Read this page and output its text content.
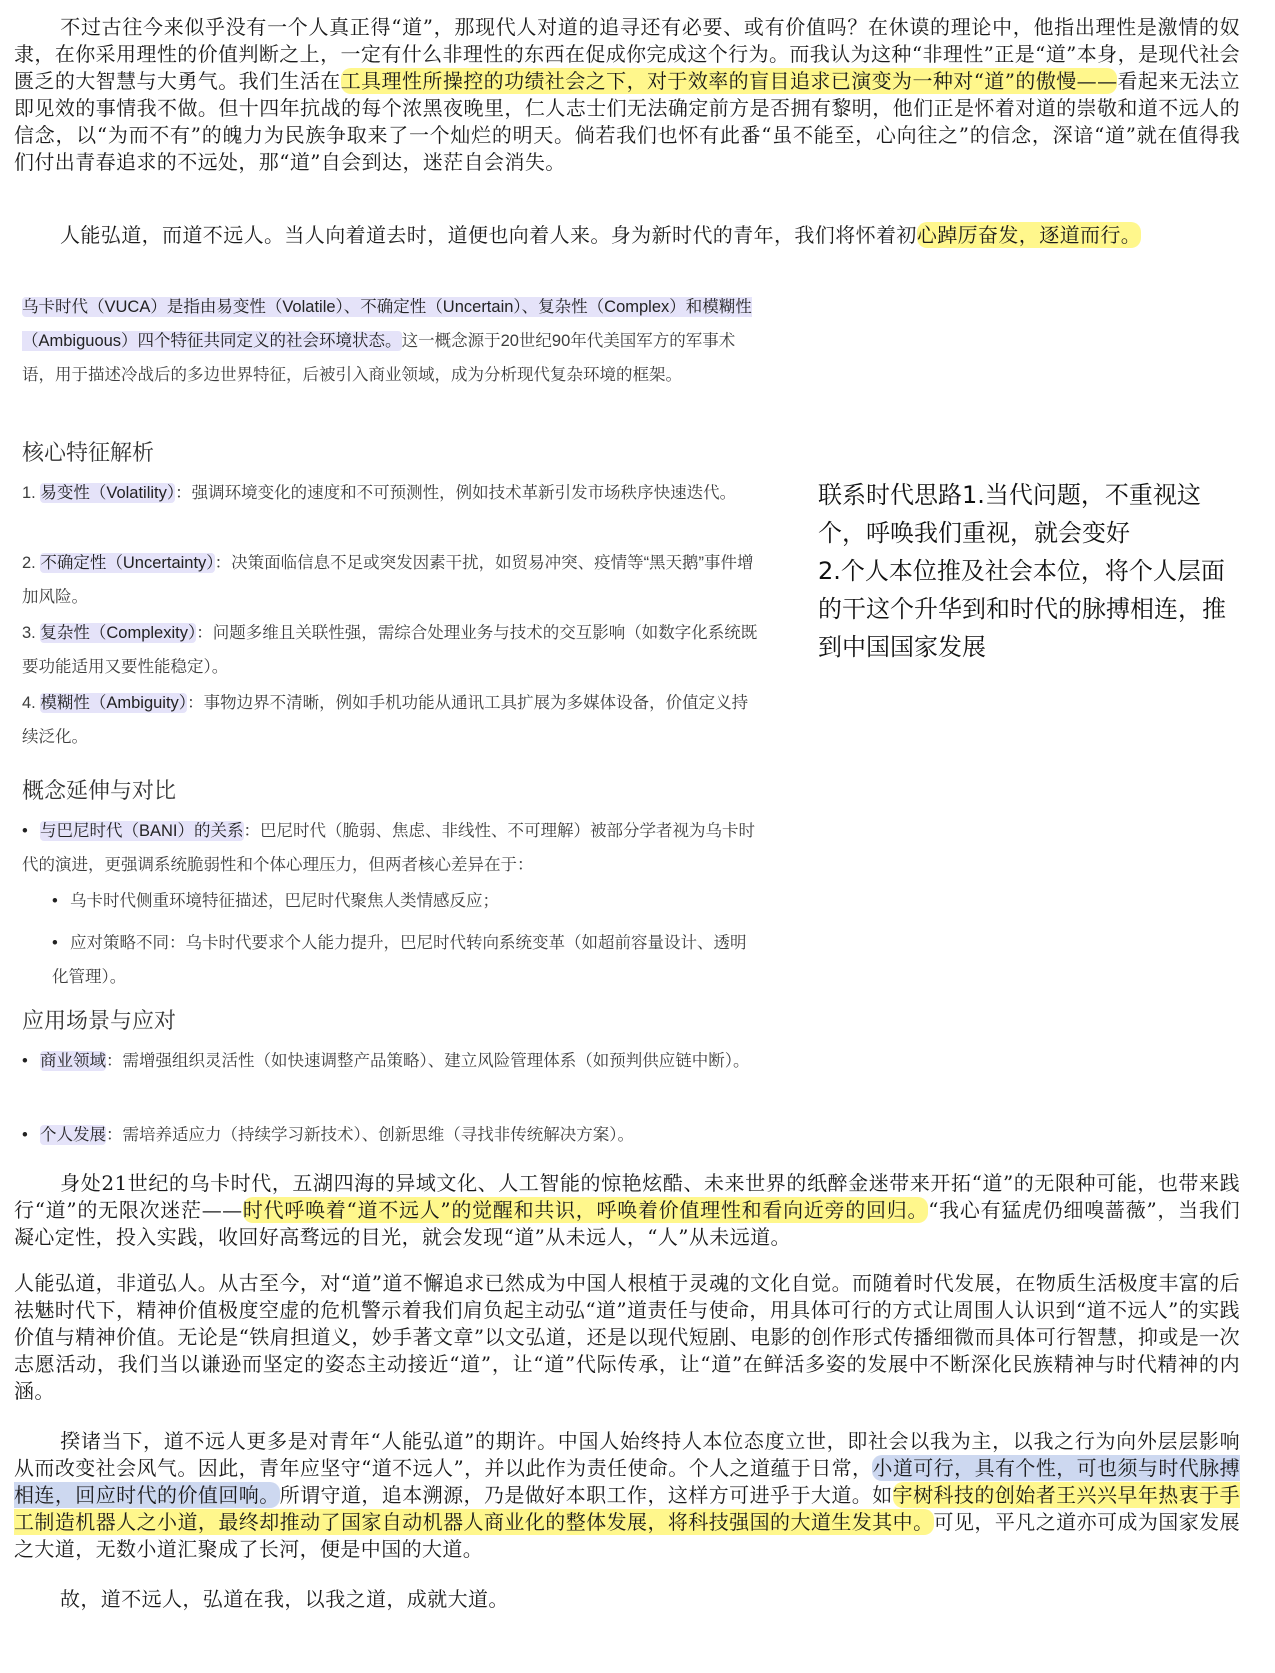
不过古往今来似乎没有一个人真正得“道”，那现代人对道的追寻还有必要、或有价值吗？在休谟的理论中，他指出理性是激情的奴隶，在你采用理性的价值判断之上，一定有什么非理性的东西在促成你完成这个行为。而我认为这种“非理性”正是“道”本身，是现代社会匮乏的大智慧与大勇气。我们生活在工具理性所操控的功绩社会之下，对于效率的盲目追求已演变为一种对“道”的傲慢——看起来无法立即见效的事情我不做。但十四年抗战的每个浓黑夜晚里，仁人志士们无法确定前方是否拥有黎明，他们正是怀着对道的崇敬和道不远人的信念，以“为而不有”的魄力为民族争取来了一个灿烂的明天。倘若我们也怀有此番“虽不能至，心向往之”的信念，深谙“道”就在值得我们付出青春追求的不远处，那“道”自会到达，迷茫自会消失。

人能弘道，而道不远人。当人向着道去时，道便也向着人来。身为新时代的青年，我们将怀着初心踔厉奋发，逐道而行。

乌卡时代（VUCA）是指由易变性（Volatile）、不确定性（Uncertain）、复杂性（Complex）和模糊性（Ambiguous）四个特征共同定义的社会环境状态。这一概念源于20世纪90年代美国军方的军事术语，用于描述冷战后的多边世界特征，后被引入商业领域，成为分析现代复杂环境的框架。

核心特征解析

1. 易变性（Volatility）：强调环境变化的速度和不可预测性，例如技术革新引发市场秩序快速迭代。

2. 不确定性（Uncertainty）：决策面临信息不足或突发因素干扰，如贸易冲突、疫情等“黑天鹅”事件增加风险。

3. 复杂性（Complexity）：问题多维且关联性强，需综合处理业务与技术的交互影响（如数字化系统既要功能适用又要性能稳定）。

4. 模糊性（Ambiguity）：事物边界不清晰，例如手机功能从通讯工具扩展为多媒体设备，价值定义持续泛化。

概念延伸与对比

• 与巴尼时代（BANI）的关系：巴尼时代（脆弱、焦虑、非线性、不可理解）被部分学者视为乌卡时代的演进，更强调系统脆弱性和个体心理压力，但两者核心差异在于：

• 乌卡时代侧重环境特征描述，巴尼时代聚焦人类情感反应；

• 应对策略不同：乌卡时代要求个人能力提升，巴尼时代转向系统变革（如超前容量设计、透明化管理）。

应用场景与应对

• 商业领域：需增强组织灵活性（如快速调整产品策略）、建立风险管理体系（如预判供应链中断）。

• 个人发展：需培养适应力（持续学习新技术）、创新思维（寻找非传统解决方案）。

联系时代思路1.当代问题，不重视这个，呼唤我们重视，就会变好
2.个人本位推及社会本位，将个人层面的干这个升华到和时代的脉搏相连，推到中国国家发展

身处21世纪的乌卡时代，五湖四海的异域文化、人工智能的惊艳炫酷、未来世界的纸醉金迷带来开拓“道”的无限种可能，也带来践行“道”的无限次迷茫——时代呼唤着“道不远人”的觉醒和共识，呼唤着价值理性和看向近旁的回归。“我心有猛虎仍细嗅蔷薇”，当我们凝心定性，投入实践，收回好高骛远的目光，就会发现“道”从未远人，“人”从未远道。

人能弘道，非道弘人。从古至今，对“道”道不懈追求已然成为中国人根植于灵魂的文化自觉。而随着时代发展，在物质生活极度丰富的后祛魅时代下，精神价值极度空虚的危机警示着我们肩负起主动弘“道”道责任与使命，用具体可行的方式让周围人认识到“道不远人”的实践价值与精神价值。无论是“铁肩担道义，妙手著文章”以文弘道，还是以现代短剧、电影的创作形式传播细微而具体可行智慧，抑或是一次志愿活动，我们当以谦逊而坚定的姿态主动接近“道”，让“道”代际传承，让“道”在鲜活多姿的发展中不断深化民族精神与时代精神的内涵。

揆诸当下，道不远人更多是对青年“人能弘道”的期许。中国人始终持人本位态度立世，即社会以我为主，以我之行为向外层层影响从而改变社会风气。因此，青年应坚守“道不远人”，并以此作为责任使命。个人之道蕴于日常，小道可行，具有个性，可也须与时代脉搏相连，回应时代的价值回响。所谓守道，追本溯源，乃是做好本职工作，这样方可进乎于大道。如宇树科技的创始者王兴兴早年热衷于手工制造机器人之小道，最终却推动了国家自动机器人商业化的整体发展，将科技强国的大道生发其中。可见，平凡之道亦可成为国家发展之大道，无数小道汇聚成了长河，便是中国的大道。

故，道不远人，弘道在我，以我之道，成就大道。
